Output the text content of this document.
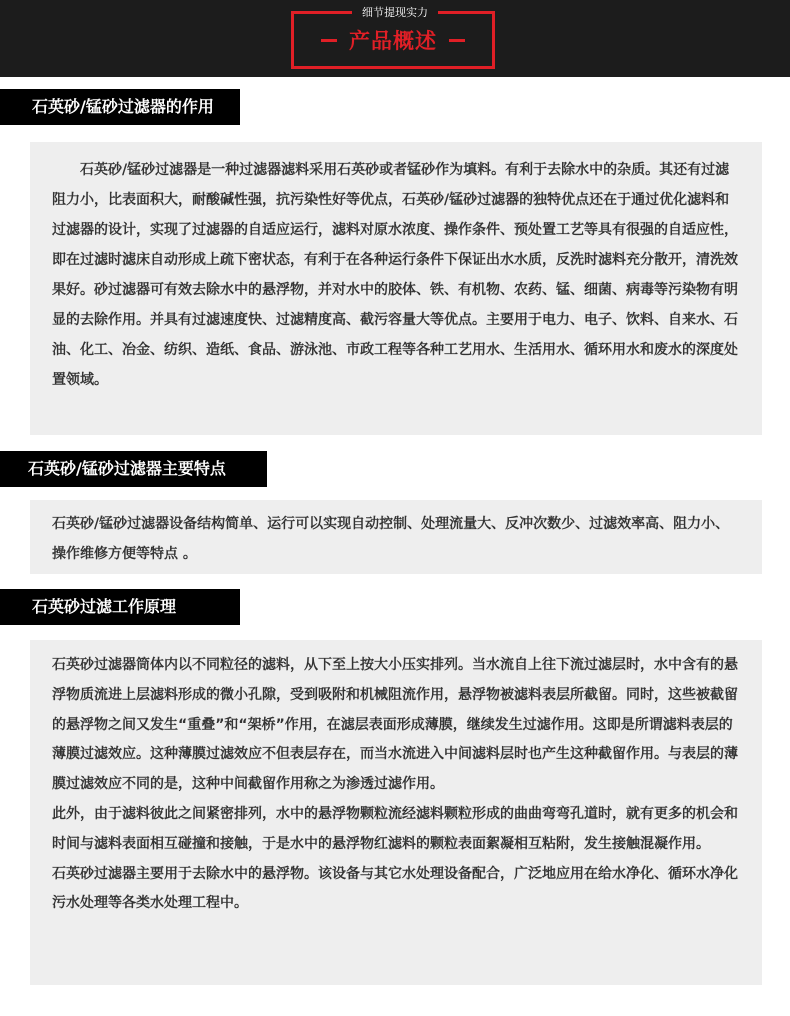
细节提现实力
产品概述
石英砂/锰砂过滤器的作用

石英砂/锰砂过滤器是一种过滤器滤料采用石英砂或者锰砂作为填料。有利于去除水中的杂质。其还有过滤阻力小，比表面积大，耐酸碱性强，抗污染性好等优点，石英砂/锰砂过滤器的独特优点还在于通过优化滤料和过滤器的设计，实现了过滤器的自适应运行，滤料对原水浓度、操作条件、预处置工艺等具有很强的自适应性，即在过滤时滤床自动形成上疏下密状态，有利于在各种运行条件下保证出水水质，反洗时滤料充分散开，清洗效果好。砂过滤器可有效去除水中的悬浮物，并对水中的胶体、铁、有机物、农药、锰、细菌、病毒等污染物有明显的去除作用。并具有过滤速度快、过滤精度高、截污容量大等优点。主要用于电力、电子、饮料、自来水、石油、化工、冶金、纺织、造纸、食品、游泳池、市政工程等各种工艺用水、生活用水、循环用水和废水的深度处置领域。

石英砂/锰砂过滤器主要特点

石英砂/锰砂过滤器设备结构简单、运行可以实现自动控制、处理流量大、反冲次数少、过滤效率高、阻力小、操作维修方便等特点 。

石英砂过滤工作原理

石英砂过滤器筒体内以不同粒径的滤料，从下至上按大小压实排列。当水流自上往下流过滤层时，水中含有的悬浮物质流进上层滤料形成的微小孔隙，受到吸附和机械阻流作用，悬浮物被滤料表层所截留。同时，这些被截留的悬浮物之间又发生“重叠”和“架桥”作用，在滤层表面形成薄膜，继续发生过滤作用。这即是所谓滤料表层的薄膜过滤效应。这种薄膜过滤效应不但表层存在，而当水流进入中间滤料层时也产生这种截留作用。与表层的薄膜过滤效应不同的是，这种中间截留作用称之为渗透过滤作用。

此外，由于滤料彼此之间紧密排列，水中的悬浮物颗粒流经滤料颗粒形成的曲曲弯弯孔道时，就有更多的机会和时间与滤料表面相互碰撞和接触，于是水中的悬浮物红滤料的颗粒表面絮凝相互粘附，发生接触混凝作用。

石英砂过滤器主要用于去除水中的悬浮物。该设备与其它水处理设备配合，广泛地应用在给水净化、循环水净化污水处理等各类水处理工程中。
